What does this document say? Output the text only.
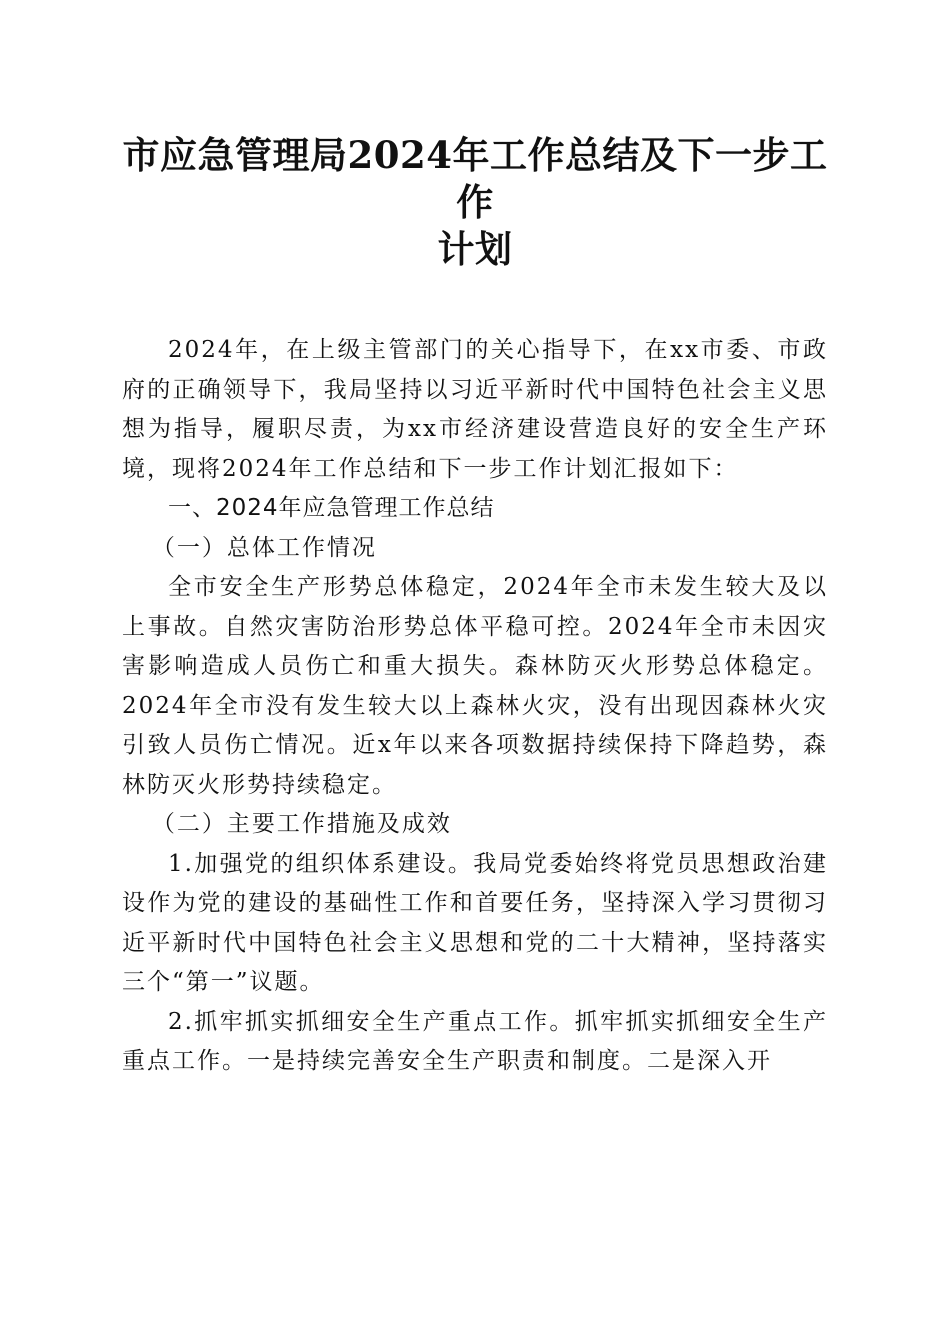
市应急管理局2024年工作总结及下一步工作
计划

2024年，在上级主管部门的关心指导下，在xx市委、市政府的正确领导下，我局坚持以习近平新时代中国特色社会主义思想为指导，履职尽责，为xx市经济建设营造良好的安全生产环境，现将2024年工作总结和下一步工作计划汇报如下：

一、2024年应急管理工作总结

（一）总体工作情况

全市安全生产形势总体稳定，2024年全市未发生较大及以上事故。自然灾害防治形势总体平稳可控。2024年全市未因灾害影响造成人员伤亡和重大损失。森林防灭火形势总体稳定。2024年全市没有发生较大以上森林火灾，没有出现因森林火灾引致人员伤亡情况。近x年以来各项数据持续保持下降趋势，森林防灭火形势持续稳定。

（二）主要工作措施及成效

1.加强党的组织体系建设。我局党委始终将党员思想政治建设作为党的建设的基础性工作和首要任务，坚持深入学习贯彻习近平新时代中国特色社会主义思想和党的二十大精神，坚持落实三个“第一”议题。

2.抓牢抓实抓细安全生产重点工作。抓牢抓实抓细安全生产重点工作。一是持续完善安全生产职责和制度。二是深入开
